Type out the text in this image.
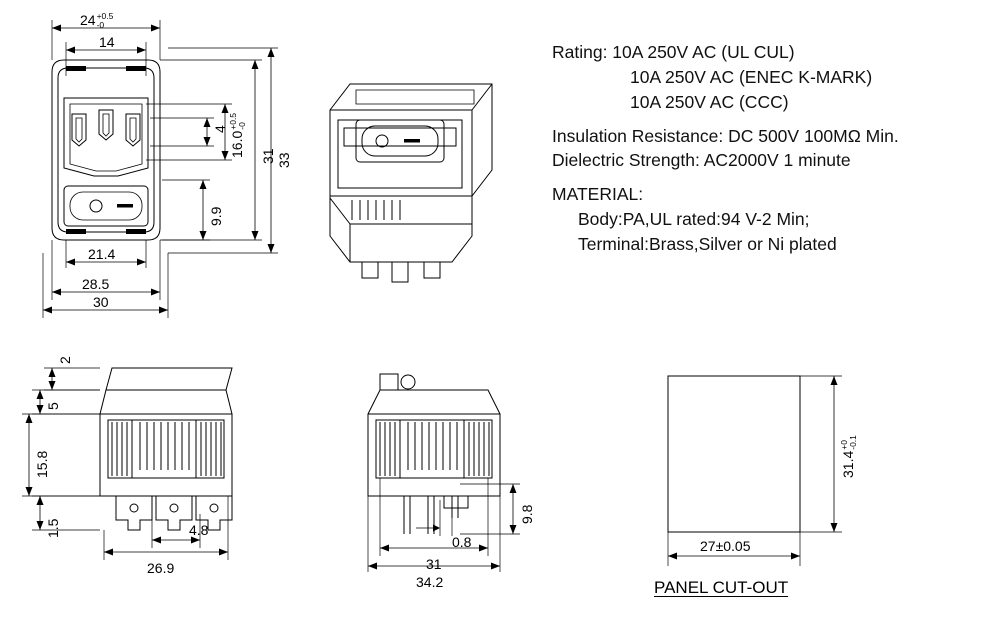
Rating: 10A 250V AC (UL CUL)
10A 250V AC (ENEC K-MARK)
10A 250V AC (CCC)
Insulation Resistance: DC 500V 100MΩ Min.
Dielectric Strength: AC2000V 1 minute
MATERIAL:
Body:PA,UL rated:94 V-2 Min;
Terminal:Brass,Silver or Ni plated
24 +0.5
-0
14
4
16.0
+0.5
-0
31 33
9.9
21.4
28.5
30
2
5
15.8
1.5	4.8
26.9
0.8
9.8
31
34.2
27±0.05
31.4
+0
-0.1
PANEL CUT-OUT
